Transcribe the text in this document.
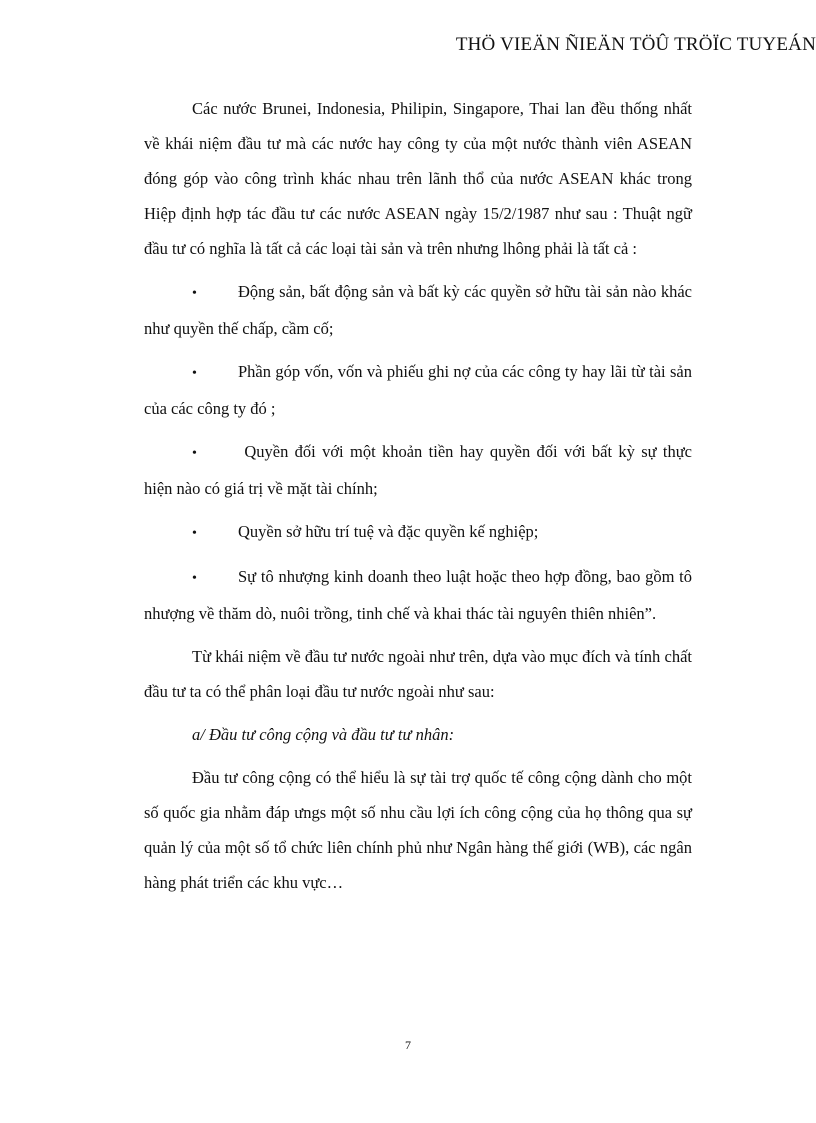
THÖ VIEÄN ÑIEÄN TÖÛ TRÖÏC TUYEÁN

Các nước Brunei, Indonesia, Philipin, Singapore, Thai lan đều thống nhất về khái niệm đầu tư mà các nước hay công ty của một nước thành viên ASEAN đóng góp vào công trình khác nhau trên lãnh thổ của nước ASEAN khác trong Hiệp định hợp tác đầu tư các nước ASEAN ngày 15/2/1987 như sau : Thuật ngữ đầu tư có nghĩa là tất cả các loại tài sản và trên nhưng lhông phải là tất cả :

• Động sản, bất động sản và bất kỳ các quyền sở hữu tài sản nào khác như quyền thế chấp, cầm cố;

• Phần góp vốn, vốn và phiếu ghi nợ của các công ty hay lãi từ tài sản của các công ty đó ;

• Quyền đối với một khoản tiền hay quyền đối với bất kỳ sự thực hiện nào có giá trị về mặt tài chính;

• Quyền sở hữu trí tuệ và đặc quyền kế nghiệp;

• Sự tô nhượng kinh doanh theo luật hoặc theo hợp đồng, bao gồm tô nhượng về thăm dò, nuôi trồng, tinh chế và khai thác tài nguyên thiên nhiên”.

Từ khái niệm về đầu tư nước ngoài như trên, dựa vào mục đích và tính chất đầu tư ta có thể phân loại đầu tư nước ngoài như sau:

a/ Đầu tư công cộng và đầu tư tư nhân:

Đầu tư công cộng có thể hiểu là sự tài trợ quốc tế công cộng dành cho một số quốc gia nhằm đáp ưngs một số nhu cầu lợi ích công cộng của họ thông qua sự quản lý của một số tổ chức liên chính phủ như Ngân hàng thế giới (WB), các ngân hàng phát triển các khu vực…

7
